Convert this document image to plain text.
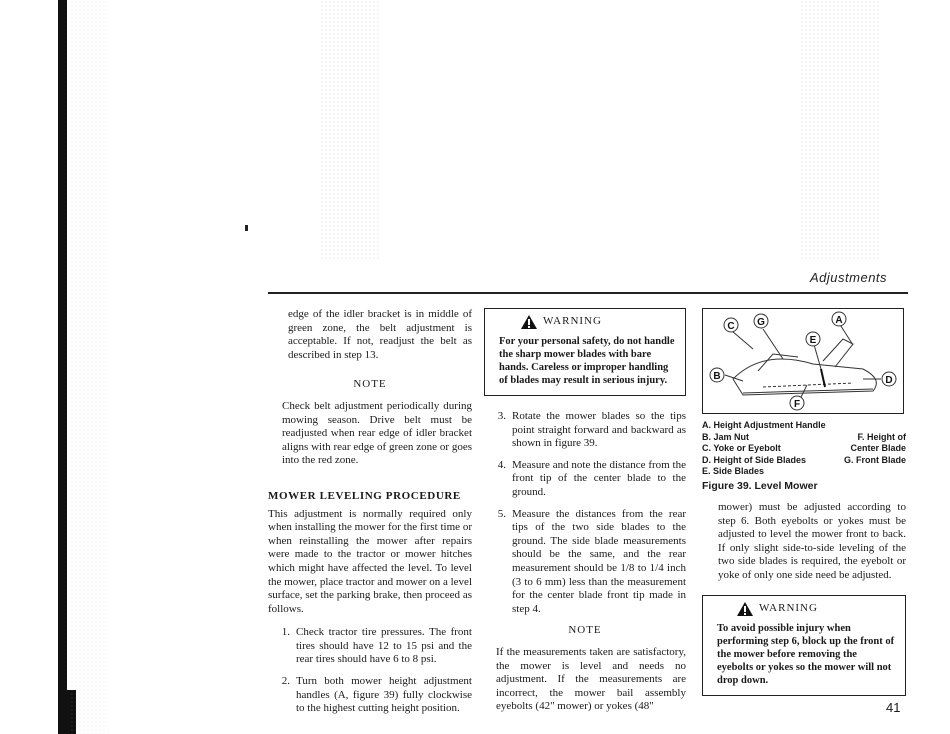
Adjustments

edge of the idler bracket is in middle of green zone, the belt adjustment is acceptable. If not, readjust the belt as described in step 13.

NOTE

Check belt adjustment periodically during mowing season. Drive belt must be readjusted when rear edge of idler bracket aligns with rear edge of green zone or goes into the red zone.

MOWER LEVELING PROCEDURE

This adjustment is normally required only when installing the mower for the first time or when reinstalling the mower after repairs were made to the tractor or mower hitches which might have affected the level. To level the mower, place tractor and mower on a level surface, set the parking brake, then proceed as follows.

1. Check tractor tire pressures. The front tires should have 12 to 15 psi and the rear tires should have 6 to 8 psi.
2. Turn both mower height adjustment handles (A, figure 39) fully clockwise to the highest cutting height position.
WARNING
For your personal safety, do not handle the sharp mower blades with bare hands. Careless or improper handling of blades may result in serious injury.
3. Rotate the mower blades so the tips point straight forward and backward as shown in figure 39.
4. Measure and note the distance from the front tip of the center blade to the ground.
5. Measure the distances from the rear tips of the two side blades to the ground. The side blade measurements should be the same, and the rear measurement should be 1/8 to 1/4 inch (3 to 6 mm) less than the measurement for the center blade front tip made in step 4.

NOTE

If the measurements taken are satisfactory, the mower is level and needs no adjustment. If the measurements are incorrect, the mower bail assembly eyebolts (42" mower) or yokes (48"

C G	A
E
B	D
F
A. Height Adjustment Handle
B. Jam Nut	F. Height of
C. Yoke or Eyebolt	Center Blade
D. Height of Side Blades	G. Front Blade
E. Side Blades
Figure 39. Level Mower

mower) must be adjusted according to step 6. Both eyebolts or yokes must be adjusted to level the mower front to back. If only slight side-to-side leveling of the two side blades is required, the eyebolt or yoke of only one side need be adjusted.

WARNING
To avoid possible injury when performing step 6, block up the front of the mower before removing the eyebolts or yokes so the mower will not drop down.
41
